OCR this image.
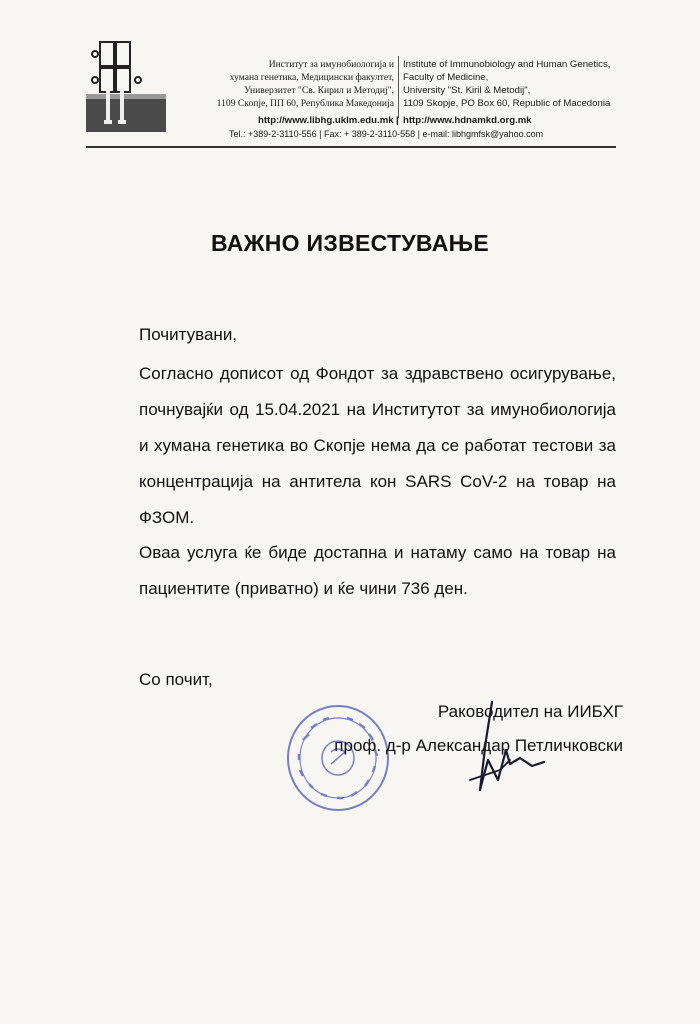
Институт за имунобиологија и
хумана генетика, Медицински факултет,
Универзитет "Св. Кирил и Методиј",
1109 Скопје, ПП 60, Република Македонија
Institute of Immunobiology and Human Genetics,
Faculty of Medicine,
University "St. Kiril & Metodij",
1109 Skopje, PO Box 60, Republic of Macedonia
http://www.libhg.uklm.edu.mk | http://www.hdnamkd.org.mk
Tel.: +389-2-3110-556 | Fax: + 389-2-3110-558 | e-mail: libhgmfsk@yahoo.com
ВАЖНО ИЗВЕСТУВАЊЕ
Почитувани,
Согласно дописот од Фондот за здравствено осигурување, почнувајќи од 15.04.2021 на Институтот за имунобиологија и хумана генетика во Скопје нема да се работат тестови за концентрација на антитела кон SARS CoV-2 на товар на ФЗОМ.
Оваа услуга ќе биде достапна и натаму само на товар на пациентите (приватно) и ќе чини 736 ден.
Со почит,
Раководител на ИИБХГ
проф. д-р Александар Петличковски
